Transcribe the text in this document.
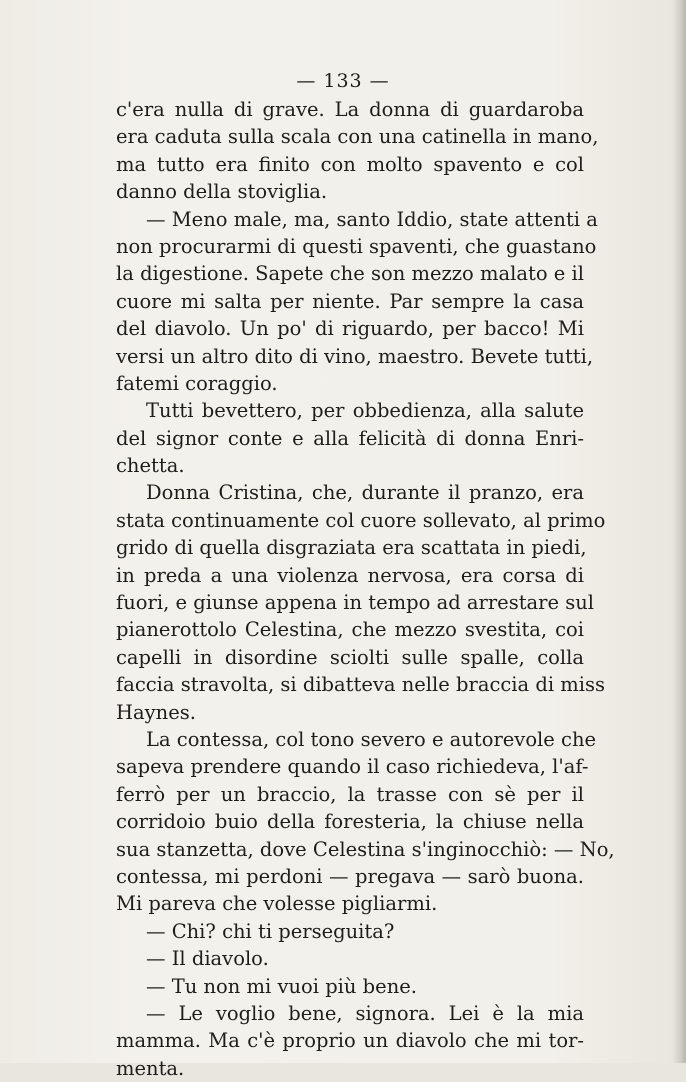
— 133 —
c'era nulla di grave. La donna di guardaroba
era caduta sulla scala con una catinella in mano,
ma tutto era finito con molto spavento e col
danno della stoviglia.
— Meno male, ma, santo Iddio, state attenti a
non procurarmi di questi spaventi, che guastano
la digestione. Sapete che son mezzo malato e il
cuore mi salta per niente. Par sempre la casa
del diavolo. Un po' di riguardo, per bacco! Mi
versi un altro dito di vino, maestro. Bevete tutti,
fatemi coraggio.
Tutti bevettero, per obbedienza, alla salute
del signor conte e alla felicità di donna Enri-
chetta.
Donna Cristina, che, durante il pranzo, era
stata continuamente col cuore sollevato, al primo
grido di quella disgraziata era scattata in piedi,
in preda a una violenza nervosa, era corsa di
fuori, e giunse appena in tempo ad arrestare sul
pianerottolo Celestina, che mezzo svestita, coi
capelli in disordine sciolti sulle spalle, colla
faccia stravolta, si dibatteva nelle braccia di miss
Haynes.
La contessa, col tono severo e autorevole che
sapeva prendere quando il caso richiedeva, l'af-
ferrò per un braccio, la trasse con sè per il
corridoio buio della foresteria, la chiuse nella
sua stanzetta, dove Celestina s'inginocchiò: — No,
contessa, mi perdoni — pregava — sarò buona.
Mi pareva che volesse pigliarmi.
— Chi? chi ti perseguita?
— Il diavolo.
— Tu non mi vuoi più bene.
— Le voglio bene, signora. Lei è la mia
mamma. Ma c'è proprio un diavolo che mi tor-
menta.
